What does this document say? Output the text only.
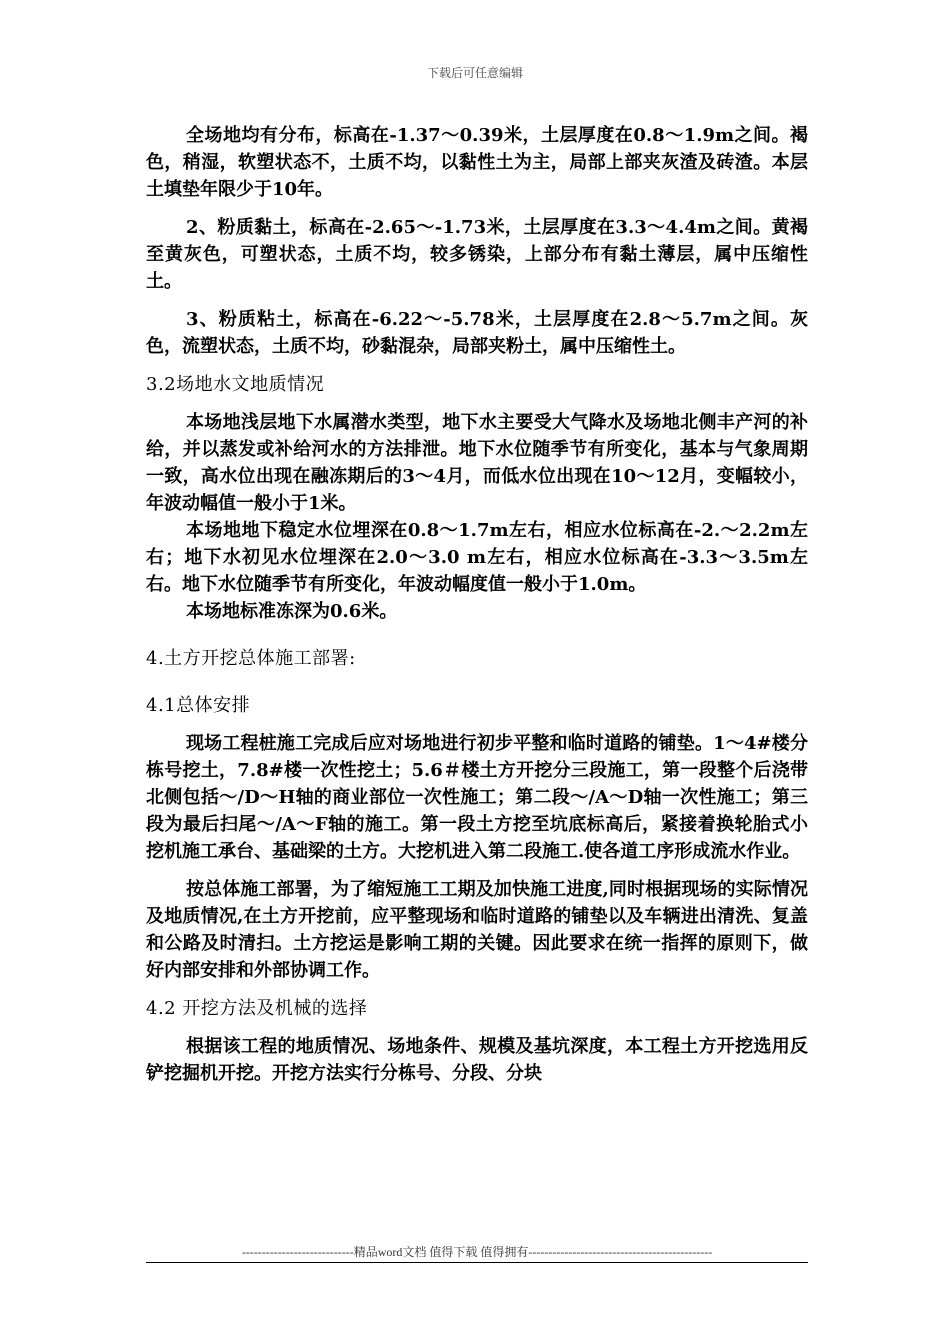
下载后可任意编辑

全场地均有分布，标高在-1.37～0.39米，土层厚度在0.8～1.9m之间。褐色，稍湿，软塑状态不，土质不均，以黏性土为主，局部上部夹灰渣及砖渣。本层土填垫年限少于10年。

2、粉质黏土，标高在-2.65～-1.73米，土层厚度在3.3～4.4m之间。黄褐至黄灰色，可塑状态，土质不均，较多锈染，上部分布有黏土薄层，属中压缩性土。

3、粉质粘土，标高在-6.22～-5.78米，土层厚度在2.8～5.7m之间。灰色，流塑状态，土质不均，砂黏混杂，局部夹粉土，属中压缩性土。

3.2场地水文地质情况

本场地浅层地下水属潜水类型，地下水主要受大气降水及场地北侧丰产河的补给，并以蒸发或补给河水的方法排泄。地下水位随季节有所变化，基本与气象周期一致，高水位出现在融冻期后的3～4月，而低水位出现在10～12月，变幅较小，年波动幅值一般小于1米。

本场地地下稳定水位埋深在0.8～1.7m左右，相应水位标高在-2.～2.2m左右；地下水初见水位埋深在2.0～3.0 m左右，相应水位标高在-3.3～3.5m左右。地下水位随季节有所变化，年波动幅度值一般小于1.0m。

本场地标准冻深为0.6米。

4.土方开挖总体施工部署:

4.1总体安排

现场工程桩施工完成后应对场地进行初步平整和临时道路的铺垫。1～4#楼分栋号挖土，7.8#楼一次性挖土；5.6＃楼土方开挖分三段施工，第一段整个后浇带北侧包括～/D～H轴的商业部位一次性施工；第二段～/A～D轴一次性施工；第三段为最后扫尾～/A～F轴的施工。第一段土方挖至坑底标高后，紧接着换轮胎式小挖机施工承台、基础梁的土方。大挖机进入第二段施工.使各道工序形成流水作业。

按总体施工部署，为了缩短施工工期及加快施工进度,同时根据现场的实际情况及地质情况,在土方开挖前，应平整现场和临时道路的铺垫以及车辆进出清洗、复盖和公路及时清扫。土方挖运是影响工期的关键。因此要求在统一指挥的原则下，做好内部安排和外部协调工作。

4.2 开挖方法及机械的选择

根据该工程的地质情况、场地条件、规模及基坑深度，本工程土方开挖选用反铲挖掘机开挖。开挖方法实行分栋号、分段、分块

----------------------------精品word文档 值得下载 值得拥有----------------------------------------------
